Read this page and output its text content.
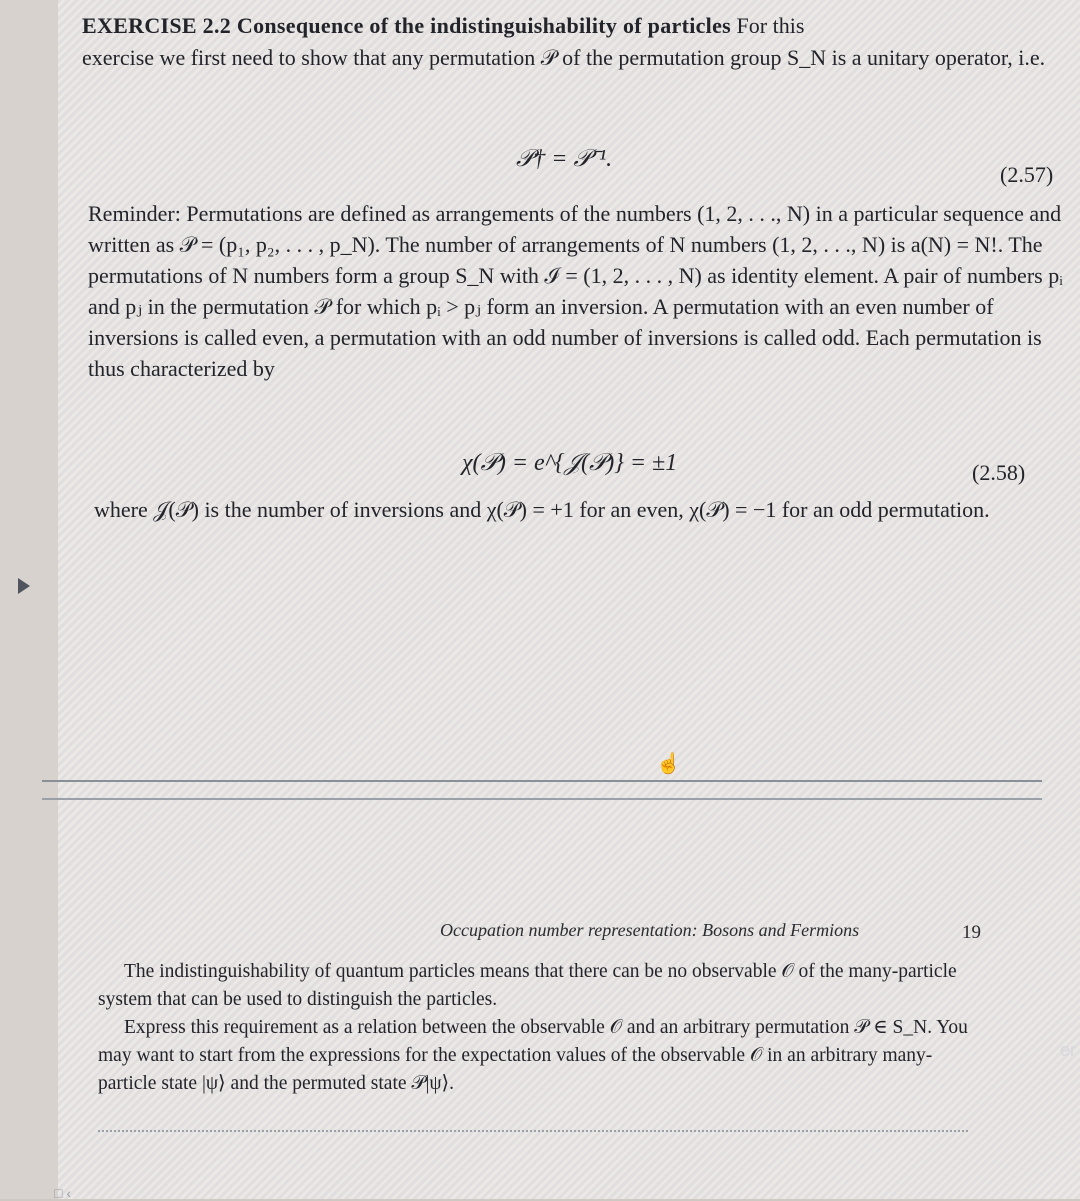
EXERCISE 2.2 Consequence of the indistinguishability of particles For this
exercise we first need to show that any permutation 𝒫 of the permutation group S_N is a unitary operator, i.e.
𝒫† = 𝒫⁻¹.
(2.57)
Reminder: Permutations are defined as arrangements of the numbers (1, 2, . . ., N) in a particular sequence and written as 𝒫 = (p₁, p₂, . . . , p_N). The number of arrangements of N numbers (1, 2, . . ., N) is a(N) = N!. The permutations of N numbers form a group S_N with ℐ = (1, 2, . . . , N) as identity element. A pair of numbers pᵢ and pⱼ in the permutation 𝒫 for which pᵢ > pⱼ form an inversion. A permutation with an even number of inversions is called even, a permutation with an odd number of inversions is called odd. Each permutation is thus characterized by
χ(𝒫) = e^{𝒥(𝒫)} = ±1	(2.58)
where 𝒥(𝒫) is the number of inversions and χ(𝒫) = +1 for an even, χ(𝒫) = −1 for an odd permutation.
☝
Occupation number representation: Bosons and Fermions	19
The indistinguishability of quantum particles means that there can be no observable 𝒪 of the many-particle system that can be used to distinguish the particles.
Express this requirement as a relation between the observable 𝒪 and an arbitrary permutation 𝒫 ∈ S_N. You may want to start from the expressions for the expectation values of the observable 𝒪 in an arbitrary many-particle state |ψ⟩ and the permuted state 𝒫|ψ⟩.
er
□ ‹
